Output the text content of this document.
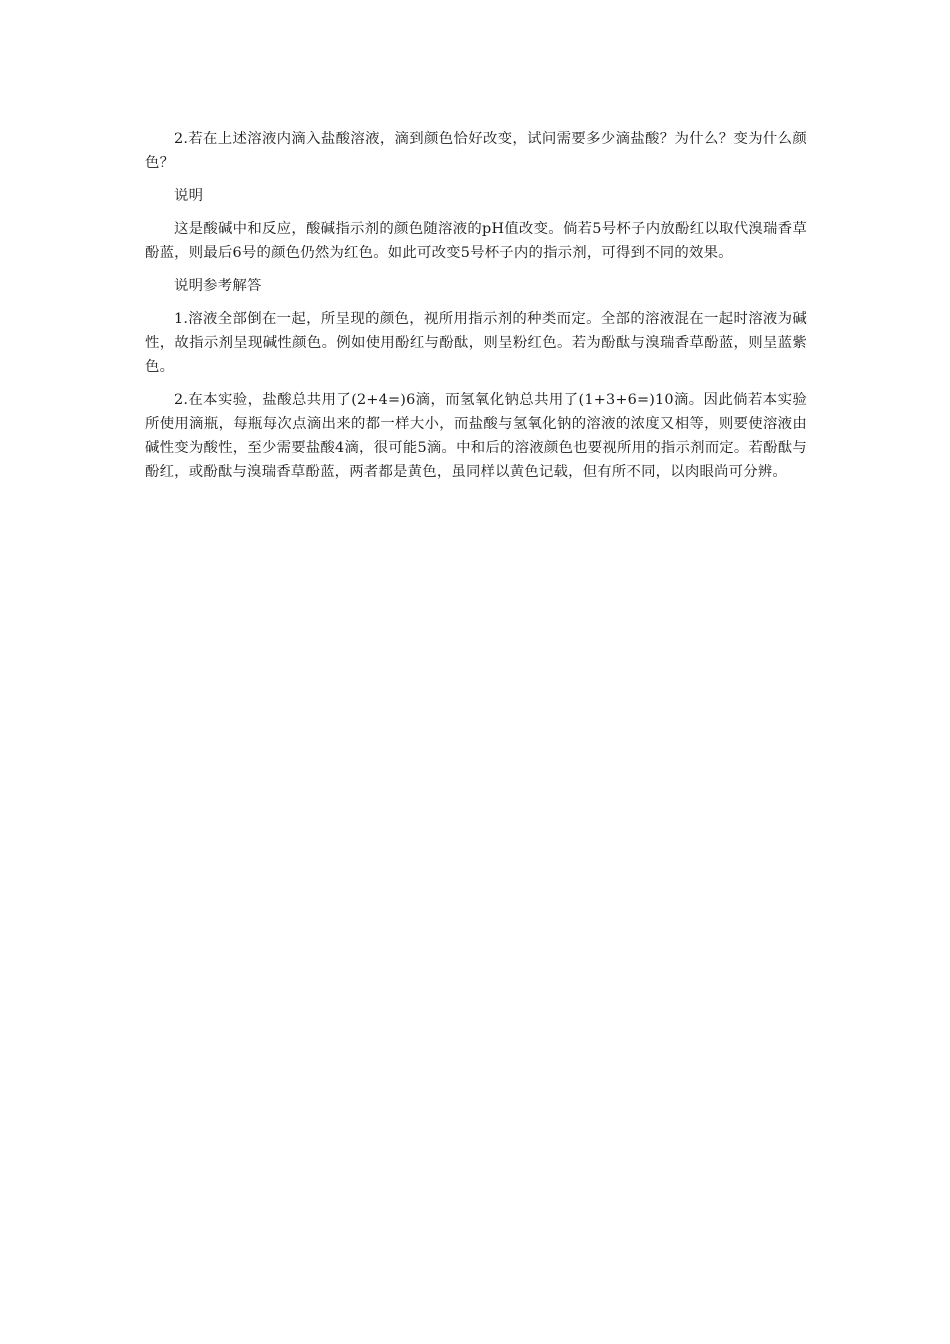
2.若在上述溶液内滴入盐酸溶液，滴到颜色恰好改变，试问需要多少滴盐酸？为什么？变为什么颜色？

说明

这是酸碱中和反应，酸碱指示剂的颜色随溶液的pH值改变。倘若5号杯子内放酚红以取代溴瑞香草酚蓝，则最后6号的颜色仍然为红色。如此可改变5号杯子内的指示剂，可得到不同的效果。

说明参考解答

1.溶液全部倒在一起，所呈现的颜色，视所用指示剂的种类而定。全部的溶液混在一起时溶液为碱性，故指示剂呈现碱性颜色。例如使用酚红与酚酞，则呈粉红色。若为酚酞与溴瑞香草酚蓝，则呈蓝紫色。

2.在本实验，盐酸总共用了(2+4=)6滴，而氢氧化钠总共用了(1+3+6=)10滴。因此倘若本实验所使用滴瓶，每瓶每次点滴出来的都一样大小，而盐酸与氢氧化钠的溶液的浓度又相等，则要使溶液由碱性变为酸性，至少需要盐酸4滴，很可能5滴。中和后的溶液颜色也要视所用的指示剂而定。若酚酞与酚红，或酚酞与溴瑞香草酚蓝，两者都是黄色，虽同样以黄色记载，但有所不同，以肉眼尚可分辨。
